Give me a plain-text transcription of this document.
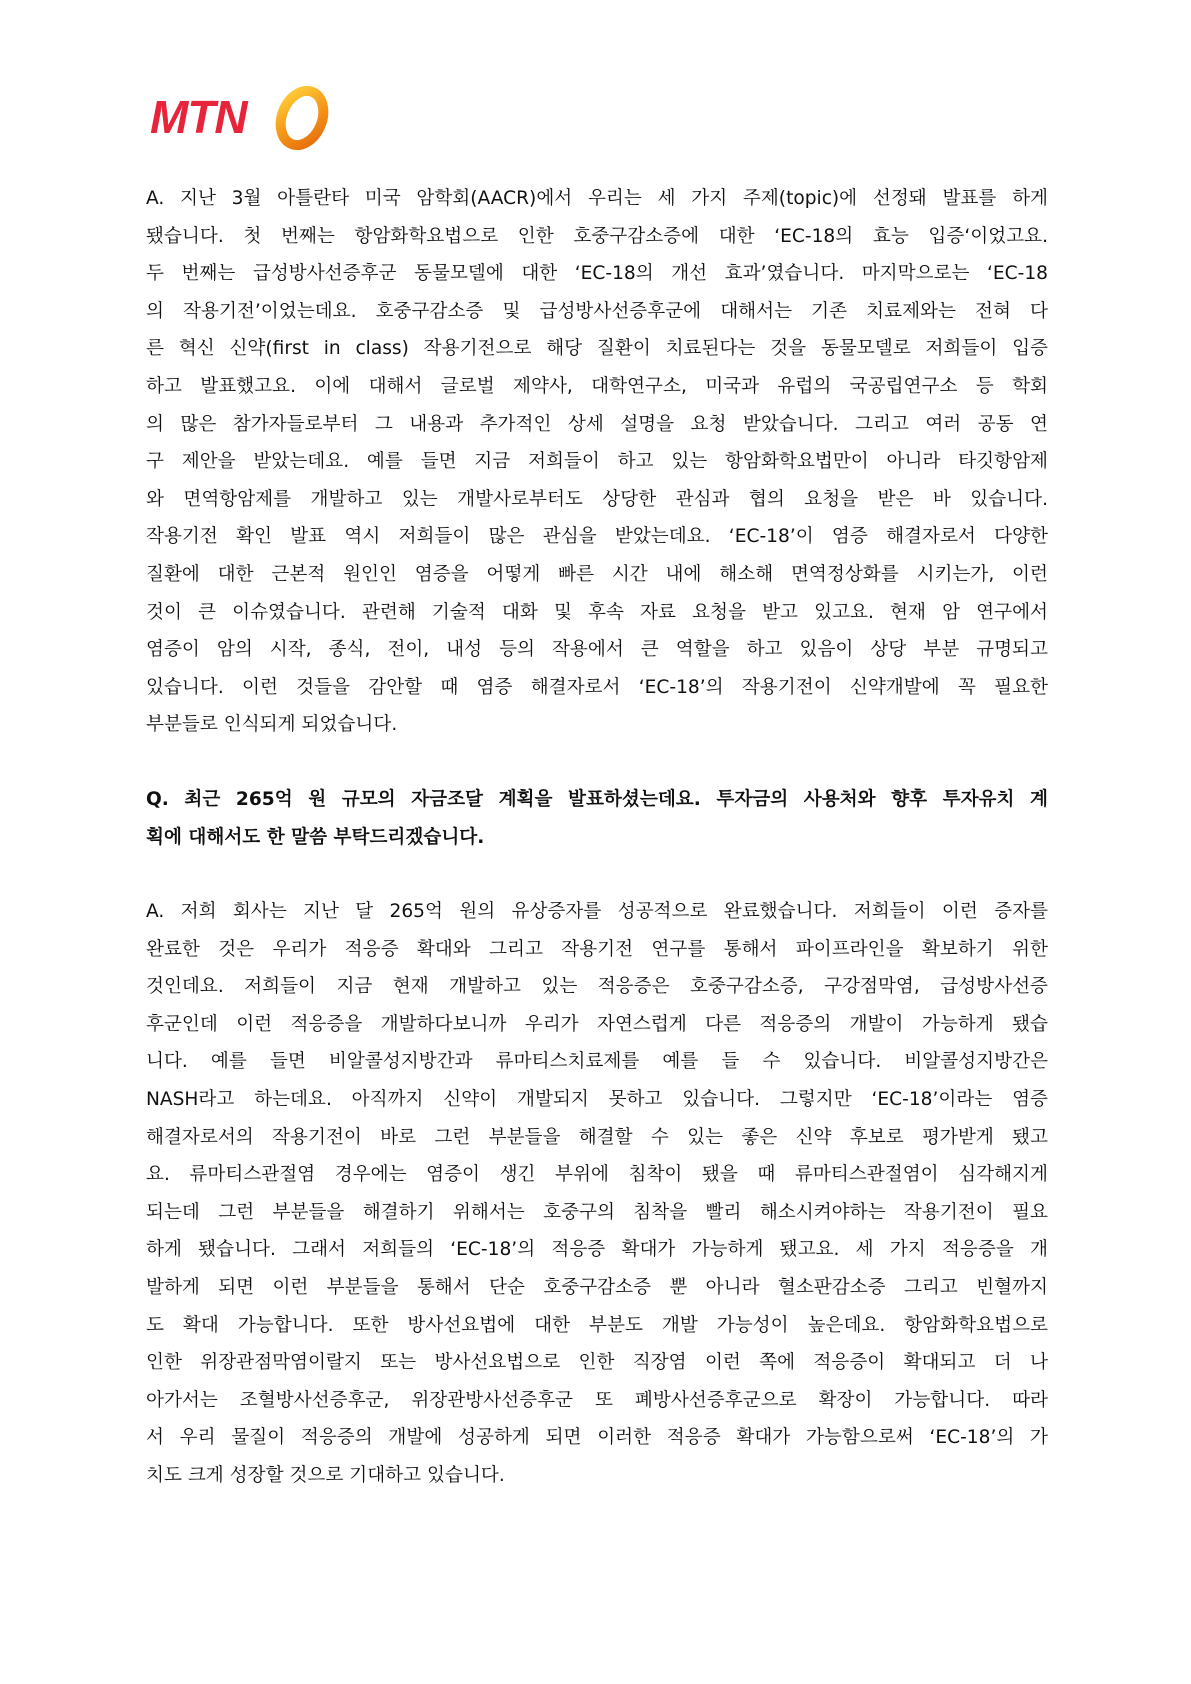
MTN
A. 지난 3월 아틀란타 미국 암학회(AACR)에서 우리는 세 가지 주제(topic)에 선정돼 발표를 하게
됐습니다. 첫 번째는 항암화학요법으로 인한 호중구감소증에 대한 ‘EC-18의 효능 입증‘이었고요.
두 번째는 급성방사선증후군 동물모델에 대한 ‘EC-18의 개선 효과’였습니다. 마지막으로는 ‘EC-18
의 작용기전’이었는데요. 호중구감소증 및 급성방사선증후군에 대해서는 기존 치료제와는 전혀 다
른 혁신 신약(first in class) 작용기전으로 해당 질환이 치료된다는 것을 동물모델로 저희들이 입증
하고 발표했고요. 이에 대해서 글로벌 제약사, 대학연구소, 미국과 유럽의 국공립연구소 등 학회
의 많은 참가자들로부터 그 내용과 추가적인 상세 설명을 요청 받았습니다. 그리고 여러 공동 연
구 제안을 받았는데요. 예를 들면 지금 저희들이 하고 있는 항암화학요법만이 아니라 타깃항암제
와 면역항암제를 개발하고 있는 개발사로부터도 상당한 관심과 협의 요청을 받은 바 있습니다.
작용기전 확인 발표 역시 저희들이 많은 관심을 받았는데요. ‘EC-18’이 염증 해결자로서 다양한
질환에 대한 근본적 원인인 염증을 어떻게 빠른 시간 내에 해소해 면역정상화를 시키는가, 이런
것이 큰 이슈였습니다. 관련해 기술적 대화 및 후속 자료 요청을 받고 있고요. 현재 암 연구에서
염증이 암의 시작, 종식, 전이, 내성 등의 작용에서 큰 역할을 하고 있음이 상당 부분 규명되고
있습니다. 이런 것들을 감안할 때 염증 해결자로서 ‘EC-18’의 작용기전이 신약개발에 꼭 필요한
부분들로 인식되게 되었습니다.
Q. 최근 265억 원 규모의 자금조달 계획을 발표하셨는데요. 투자금의 사용처와 향후 투자유치 계
획에 대해서도 한 말씀 부탁드리겠습니다.
A. 저희 회사는 지난 달 265억 원의 유상증자를 성공적으로 완료했습니다. 저희들이 이런 증자를
완료한 것은 우리가 적응증 확대와 그리고 작용기전 연구를 통해서 파이프라인을 확보하기 위한
것인데요. 저희들이 지금 현재 개발하고 있는 적응증은 호중구감소증, 구강점막염, 급성방사선증
후군인데 이런 적응증을 개발하다보니까 우리가 자연스럽게 다른 적응증의 개발이 가능하게 됐습
니다. 예를 들면 비알콜성지방간과 류마티스치료제를 예를 들 수 있습니다. 비알콜성지방간은
NASH라고 하는데요. 아직까지 신약이 개발되지 못하고 있습니다. 그렇지만 ‘EC-18’이라는 염증
해결자로서의 작용기전이 바로 그런 부분들을 해결할 수 있는 좋은 신약 후보로 평가받게 됐고
요. 류마티스관절염 경우에는 염증이 생긴 부위에 침착이 됐을 때 류마티스관절염이 심각해지게
되는데 그런 부분들을 해결하기 위해서는 호중구의 침착을 빨리 해소시켜야하는 작용기전이 필요
하게 됐습니다. 그래서 저희들의 ‘EC-18’의 적응증 확대가 가능하게 됐고요. 세 가지 적응증을 개
발하게 되면 이런 부분들을 통해서 단순 호중구감소증 뿐 아니라 혈소판감소증 그리고 빈혈까지
도 확대 가능합니다. 또한 방사선요법에 대한 부분도 개발 가능성이 높은데요. 항암화학요법으로
인한 위장관점막염이랄지 또는 방사선요법으로 인한 직장염 이런 쪽에 적응증이 확대되고 더 나
아가서는 조혈방사선증후군, 위장관방사선증후군 또 폐방사선증후군으로 확장이 가능합니다. 따라
서 우리 물질이 적응증의 개발에 성공하게 되면 이러한 적응증 확대가 가능함으로써 ‘EC-18’의 가
치도 크게 성장할 것으로 기대하고 있습니다.
